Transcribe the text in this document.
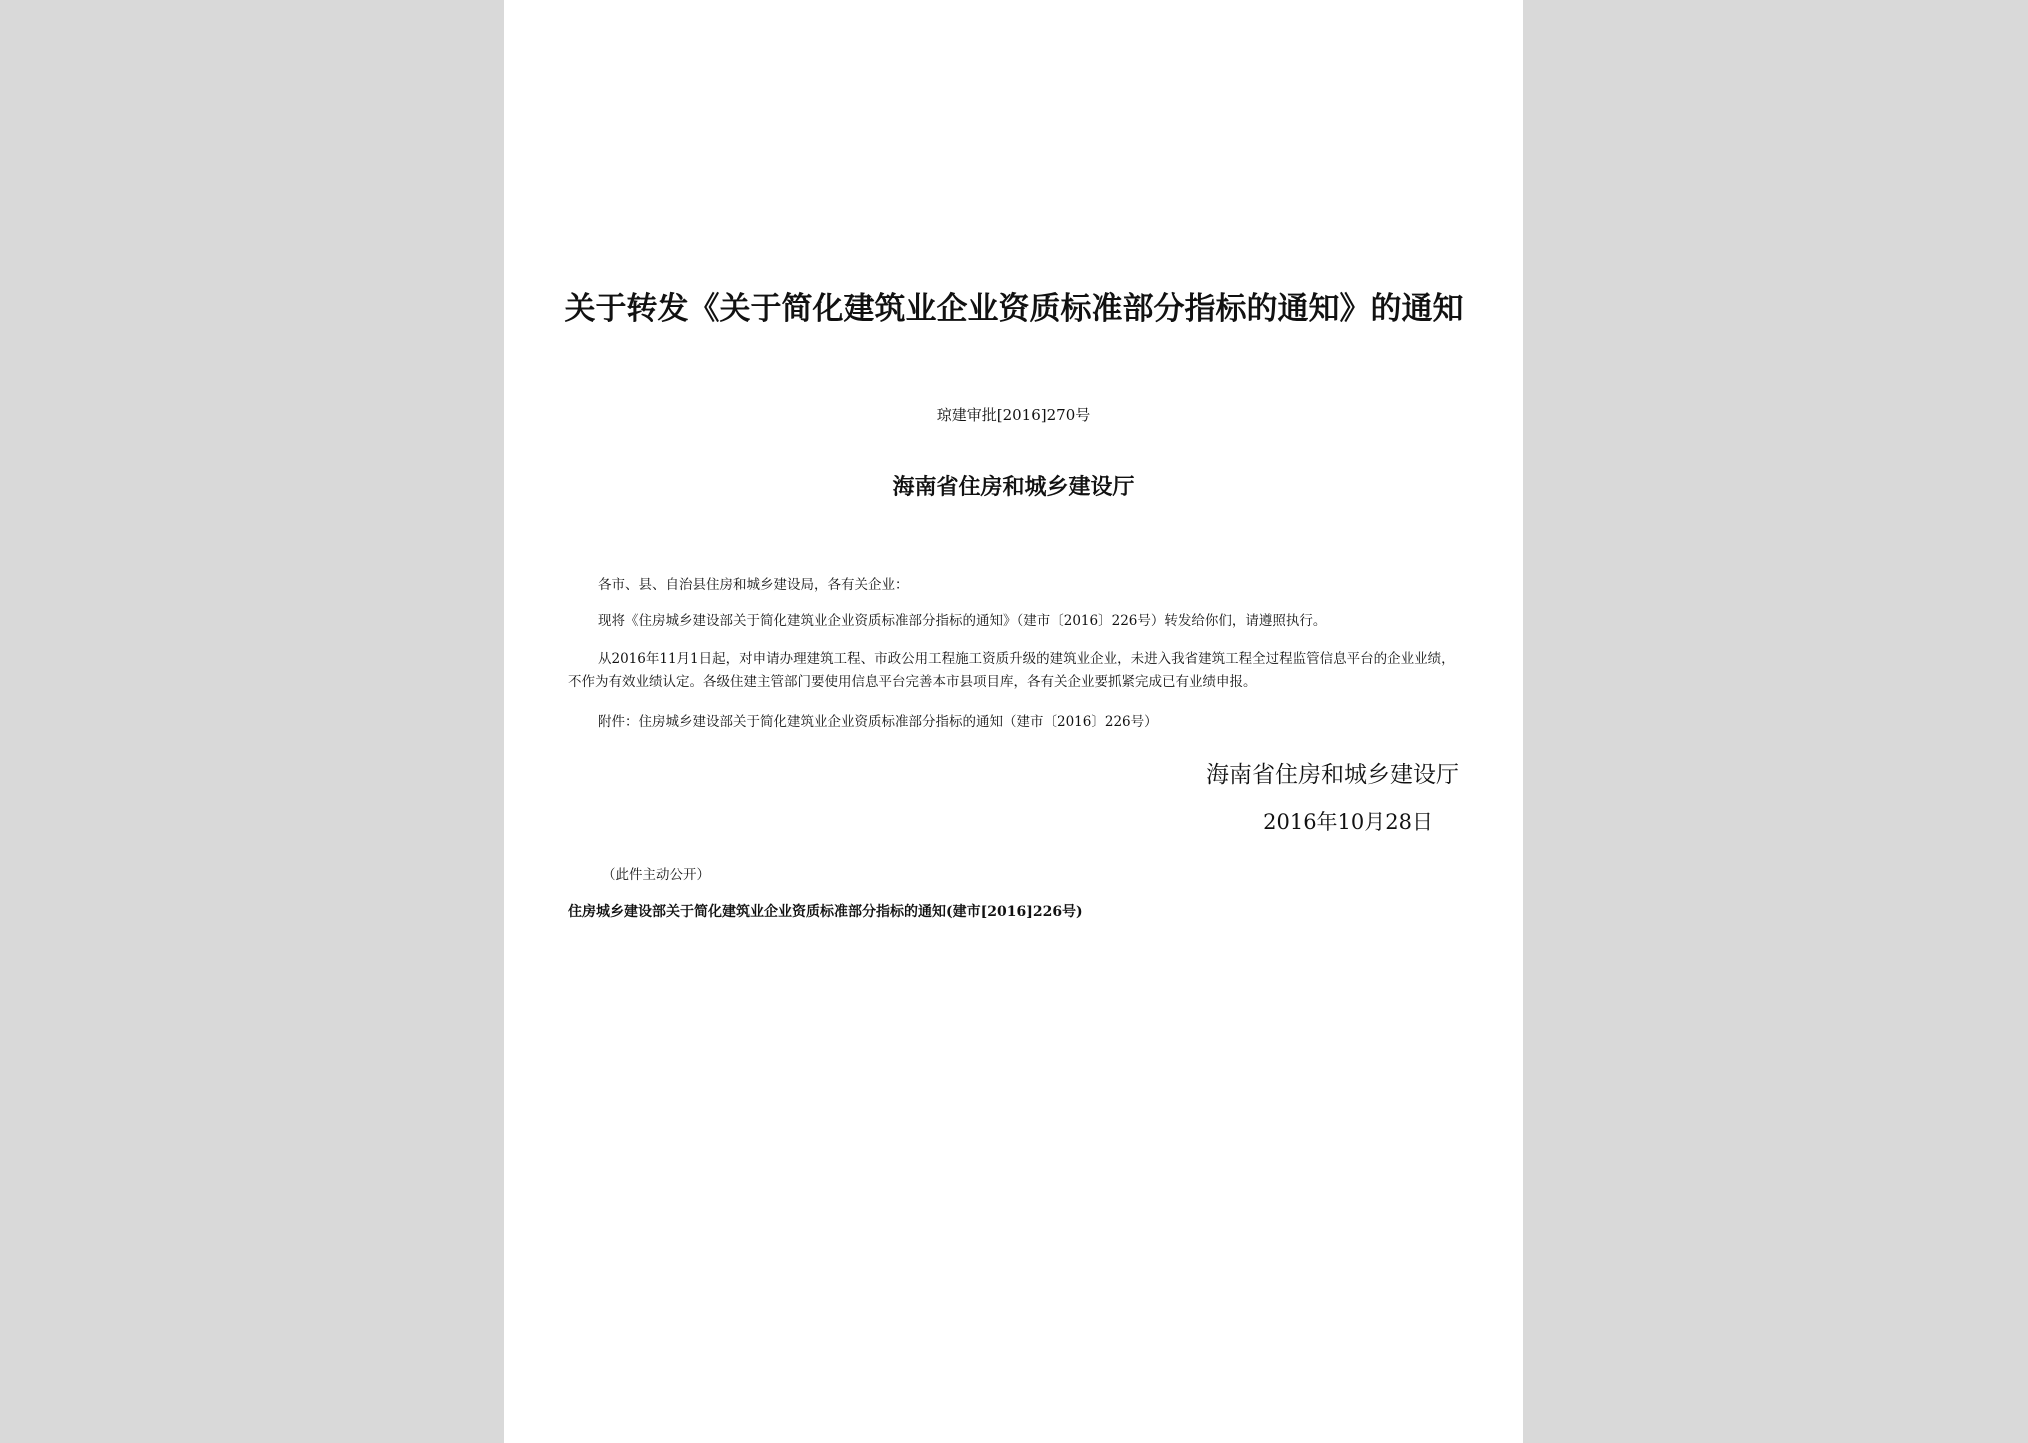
关于转发《关于简化建筑业企业资质标准部分指标的通知》的通知
琼建审批[2016]270号
海南省住房和城乡建设厅

各市、县、自治县住房和城乡建设局，各有关企业：

现将《住房城乡建设部关于简化建筑业企业资质标准部分指标的通知》（建市〔2016〕226号）转发给你们，请遵照执行。

从2016年11月1日起，对申请办理建筑工程、市政公用工程施工资质升级的建筑业企业，未进入我省建筑工程全过程监管信息平台的企业业绩，不作为有效业绩认定。各级住建主管部门要使用信息平台完善本市县项目库，各有关企业要抓紧完成已有业绩申报。

附件：住房城乡建设部关于简化建筑业企业资质标准部分指标的通知（建市〔2016〕226号）

海南省住房和城乡建设厅
2016年10月28日
（此件主动公开）
住房城乡建设部关于简化建筑业企业资质标准部分指标的通知(建市[2016]226号)
